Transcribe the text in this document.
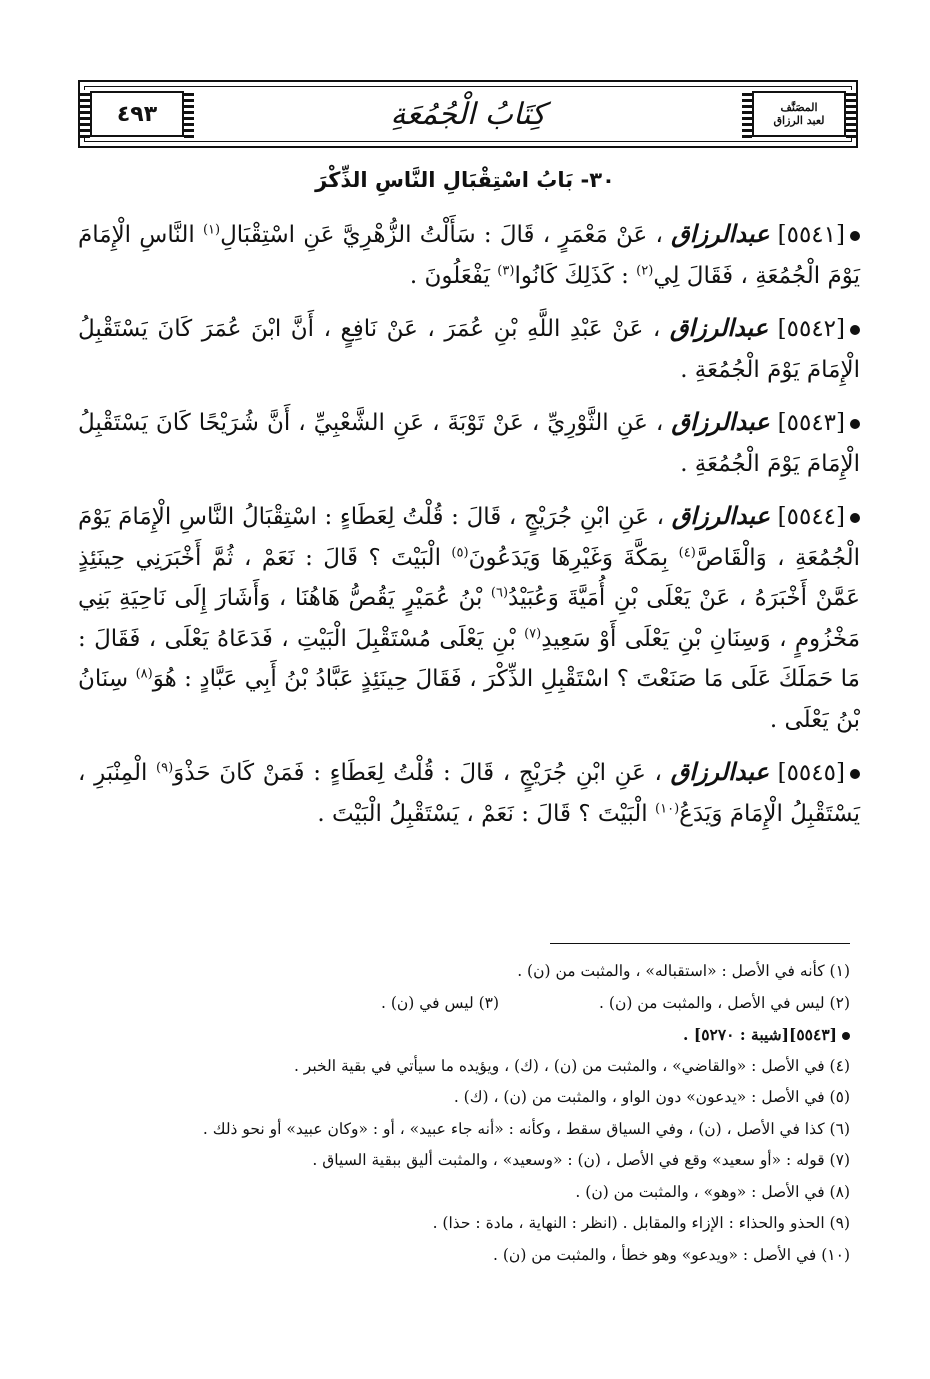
المصَنَّف
لعبد الرزاق
كِتَابُ الْجُمُعَةِ
٤٩٣
٣٠- بَابُ اسْتِقْبَالِ النَّاسِ الذِّكْرَ

[٥٥٤١] عبدالرزاق ، عَنْ مَعْمَرٍ ، قَالَ : سَأَلْتُ الزُّهْرِيَّ عَنِ اسْتِقْبَالِ$^{(١)}$ النَّاسِ الْإِمَامَ يَوْمَ الْجُمُعَةِ ، فَقَالَ لِي$^{(٢)}$ : كَذَلِكَ كَانُوا$^{(٣)}$ يَفْعَلُونَ .

[٥٥٤٢] عبدالرزاق ، عَنْ عَبْدِ اللَّهِ بْنِ عُمَرَ ، عَنْ نَافِعٍ ، أَنَّ ابْنَ عُمَرَ كَانَ يَسْتَقْبِلُ الْإِمَامَ يَوْمَ الْجُمُعَةِ .

[٥٥٤٣] عبدالرزاق ، عَنِ الثَّوْرِيِّ ، عَنْ تَوْبَةَ ، عَنِ الشَّعْبِيِّ ، أَنَّ شُرَيْحًا كَانَ يَسْتَقْبِلُ الْإِمَامَ يَوْمَ الْجُمُعَةِ .

[٥٥٤٤] عبدالرزاق ، عَنِ ابْنِ جُرَيْجٍ ، قَالَ : قُلْتُ لِعَطَاءٍ : اسْتِقْبَالُ النَّاسِ الْإِمَامَ يَوْمَ الْجُمُعَةِ ، وَالْقَاصَّ$^{(٤)}$ بِمَكَّةَ وَغَيْرِهَا وَيَدَعُونَ$^{(٥)}$ الْبَيْتَ ؟ قَالَ : نَعَمْ ، ثُمَّ أَخْبَرَنِي حِينَئِذٍ عَمَّنْ أَخْبَرَهُ ، عَنْ يَعْلَى بْنِ أُمَيَّةَ وَعُبَيْدُ$^{(٦)}$ بْنُ عُمَيْرٍ يَقُصُّ هَاهُنَا ، وَأَشَارَ إِلَى نَاحِيَةِ بَنِي مَخْزُومٍ ، وَسِنَانِ بْنِ يَعْلَى أَوْ سَعِيدِ$^{(٧)}$ بْنِ يَعْلَى مُسْتَقْبِلَ الْبَيْتِ ، فَدَعَاهُ يَعْلَى ، فَقَالَ : مَا حَمَلَكَ عَلَى مَا صَنَعْتَ ؟ اسْتَقْبِلِ الذِّكْرَ ، فَقَالَ حِينَئِذٍ عَبَّادُ بْنُ أَبِي عَبَّادٍ : هُوَ$^{(٨)}$ سِنَانُ بْنُ يَعْلَى .

[٥٥٤٥] عبدالرزاق ، عَنِ ابْنِ جُرَيْجٍ ، قَالَ : قُلْتُ لِعَطَاءٍ : فَمَنْ كَانَ حَذْوَ$^{(٩)}$ الْمِنْبَرِ ، يَسْتَقْبِلُ الْإِمَامَ وَيَدَعُ$^{(١٠)}$ الْبَيْتَ ؟ قَالَ : نَعَمْ ، يَسْتَقْبِلُ الْبَيْتَ .

(١) كأنه في الأصل : «استقباله» ، والمثبت من (ن) .
(٢) ليس في الأصل ، والمثبت من (ن) .
(٣) ليس في (ن) .
[٥٥٤٣][شيبة : ٥٢٧٠] .
(٤) في الأصل : «والقاضي» ، والمثبت من (ن) ، (ك) ، ويؤيده ما سيأتي في بقية الخبر .
(٥) في الأصل : «يدعون» دون الواو ، والمثبت من (ن) ، (ك) .
(٦) كذا في الأصل ، (ن) ، وفي السياق سقط ، وكأنه : «أنه جاء عبيد» ، أو : «وكان عبيد» أو نحو ذلك .
(٧) قوله : «أو سعيد» وقع في الأصل ، (ن) : «وسعيد» ، والمثبت أليق ببقية السياق .
(٨) في الأصل : «وهو» ، والمثبت من (ن) .
(٩) الحذو والحذاء : الإزاء والمقابل . (انظر : النهاية ، مادة : حذا) .
(١٠) في الأصل : «ويدعو» وهو خطأ ، والمثبت من (ن) .
